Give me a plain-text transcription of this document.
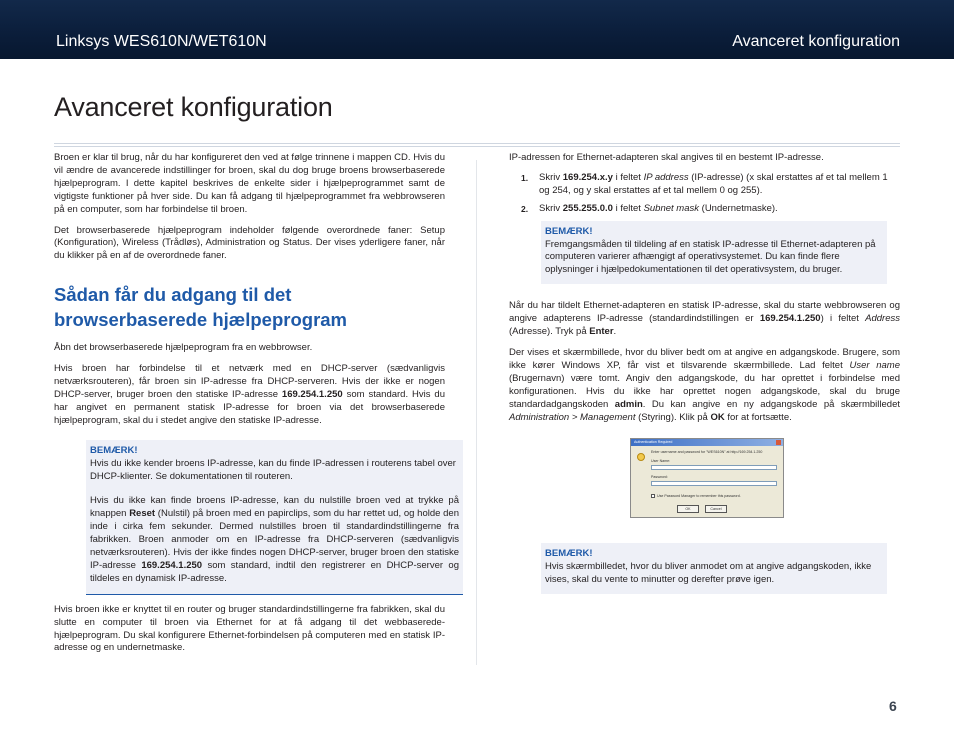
Linksys WES610N/WET610N	Avanceret konfiguration
Avanceret konfiguration

Broen er klar til brug, når du har konfigureret den ved at følge trinnene i mappen CD. Hvis du vil ændre de avancerede indstillinger for broen, skal du dog bruge broens browserbaserede hjælpeprogram. I dette kapitel beskrives de enkelte sider i hjælpeprogrammet samt de vigtigste funktioner på hver side. Du kan få adgang til hjælpeprogrammet fra webbrowseren på en computer, som har forbindelse til broen.

Det browserbaserede hjælpeprogram indeholder følgende overordnede faner: Setup (Konfiguration), Wireless (Trådløs), Administration og Status. Der vises yderligere faner, når du klikker på en af de overordnede faner.

Sådan får du adgang til det browserbaserede hjælpeprogram

Åbn det browserbaserede hjælpeprogram fra en webbrowser.

Hvis broen har forbindelse til et netværk med en DHCP-server (sædvanligvis netværksrouteren), får broen sin IP-adresse fra DHCP-serveren. Hvis der ikke er nogen DHCP-server, bruger broen den statiske IP-adresse 169.254.1.250 som standard. Hvis du har angivet en permanent statisk IP-adresse for broen via det browserbaserede hjælpeprogram, skal du i stedet angive den statiske IP-adresse.

BEMÆRK!

Hvis du ikke kender broens IP-adresse, kan du finde IP-adressen i routerens tabel over DHCP-klienter. Se dokumentationen til routeren.

Hvis du ikke kan finde broens IP-adresse, kan du nulstille broen ved at trykke på knappen Reset (Nulstil) på broen med en papirclips, som du har rettet ud, og holde den inde i cirka fem sekunder. Dermed nulstilles broen til standardindstillingerne fra fabrikken. Broen anmoder om en IP-adresse fra DHCP-serveren (sædvanligvis netværksrouteren). Hvis der ikke findes nogen DHCP-server, bruger broen den statiske IP-adresse 169.254.1.250 som standard, indtil den registrerer en DHCP-server og tildeles en dynamisk IP-adresse.

Hvis broen ikke er knyttet til en router og bruger standardindstillingerne fra fabrikken, skal du slutte en computer til broen via Ethernet for at få adgang til det webbaserede-hjælpeprogram. Du skal konfigurere Ethernet-forbindelsen på computeren med en statisk IP-adresse og en undernetmaske.

IP-adressen for Ethernet-adapteren skal angives til en bestemt IP-adresse.

1. Skriv 169.254.x.y i feltet IP address (IP-adresse) (x skal erstattes af et tal mellem 1 og 254, og y skal erstattes af et tal mellem 0 og 255).
2. Skriv 255.255.0.0 i feltet Subnet mask (Undernetmaske).
BEMÆRK!

Fremgangsmåden til tildeling af en statisk IP-adresse til Ethernet-adapteren på computeren varierer afhængigt af operativsystemet. Du kan finde flere oplysninger i hjælpedokumentationen til det operativsystem, du bruger.

Når du har tildelt Ethernet-adapteren en statisk IP-adresse, skal du starte webbrowseren og angive adapterens IP-adresse (standardindstillingen er 169.254.1.250) i feltet Address (Adresse). Tryk på Enter.

Der vises et skærmbillede, hvor du bliver bedt om at angive en adgangskode. Brugere, som ikke kører Windows XP, får vist et tilsvarende skærmbillede. Lad feltet User name (Brugernavn) være tomt. Angiv den adgangskode, du har oprettet i forbindelse med konfigurationen. Hvis du ikke har oprettet nogen adgangskode, skal du bruge standardadgangskoden admin. Du kan angive en ny adgangskode på skærmbilledet Administration > Management (Styring). Klik på OK for at fortsætte.

Authentication Required
Enter username and password for "WES610N" at http://169.254.1.250
User Name:
Password:
Use Password Manager to remember this password.
OK	Cancel
BEMÆRK!

Hvis skærmbilledet, hvor du bliver anmodet om at angive adgangskoden, ikke vises, skal du vente to minutter og derefter prøve igen.

6
